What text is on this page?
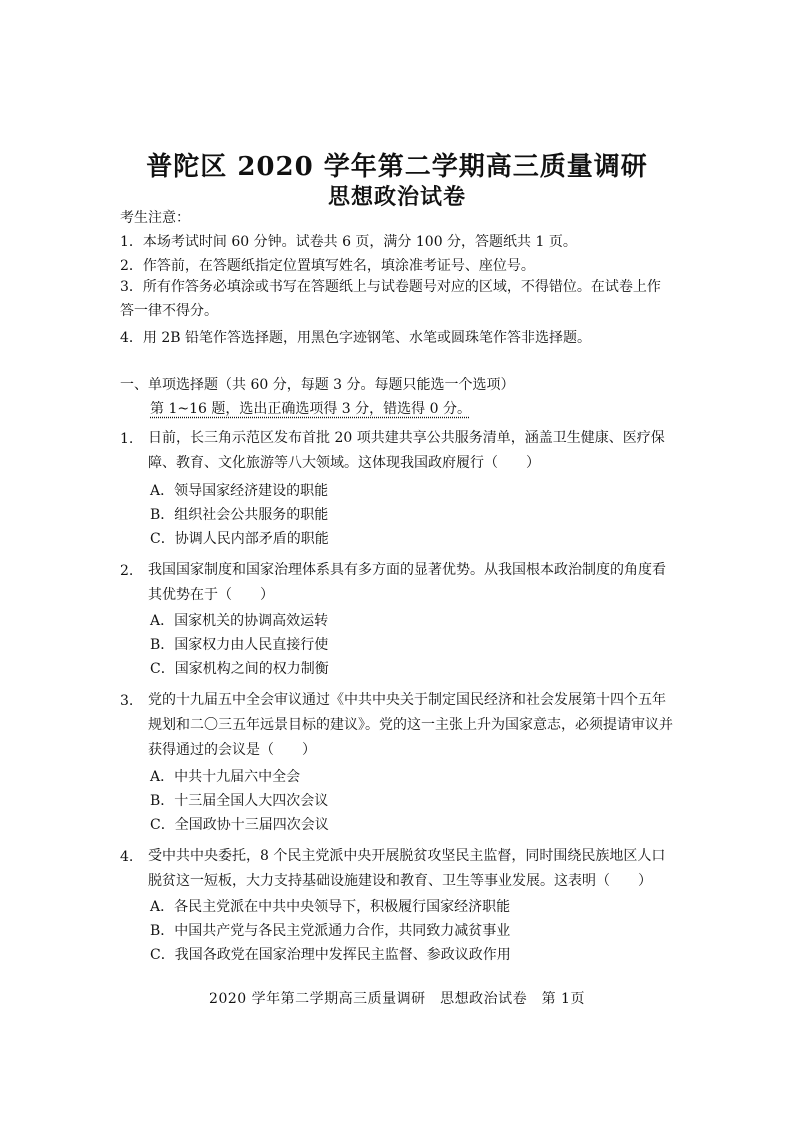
普陀区 2020 学年第二学期高三质量调研
思想政治试卷
考生注意：
1．本场考试时间 60 分钟。试卷共 6 页，满分 100 分，答题纸共 1 页。
2．作答前，在答题纸指定位置填写姓名，填涂准考证号、座位号。
3．所有作答务必填涂或书写在答题纸上与试卷题号对应的区域，不得错位。在试卷上作答一律不得分。
4．用 2B 铅笔作答选择题，用黑色字迹钢笔、水笔或圆珠笔作答非选择题。
一、单项选择题（共 60 分，每题 3 分。每题只能选一个选项）
第 1~16 题，选出正确选项得 3 分，错选得 0 分。
1. 日前，长三角示范区发布首批 20 项共建共享公共服务清单，涵盖卫生健康、医疗保障、教育、文化旅游等八大领域。这体现我国政府履行（　　）
A．领导国家经济建设的职能
B．组织社会公共服务的职能
C．协调人民内部矛盾的职能
2. 我国国家制度和国家治理体系具有多方面的显著优势。从我国根本政治制度的角度看其优势在于（　　）
A．国家机关的协调高效运转
B．国家权力由人民直接行使
C．国家机构之间的权力制衡
3. 党的十九届五中全会审议通过《中共中央关于制定国民经济和社会发展第十四个五年规划和二〇三五年远景目标的建议》。党的这一主张上升为国家意志，必须提请审议并获得通过的会议是（　　）
A．中共十九届六中全会
B．十三届全国人大四次会议
C．全国政协十三届四次会议
4. 受中共中央委托，8 个民主党派中央开展脱贫攻坚民主监督，同时围绕民族地区人口脱贫这一短板，大力支持基础设施建设和教育、卫生等事业发展。这表明（　　）
A．各民主党派在中共中央领导下，积极履行国家经济职能
B．中国共产党与各民主党派通力合作，共同致力减贫事业
C．我国各政党在国家治理中发挥民主监督、参政议政作用
2020 学年第二学期高三质量调研　思想政治试卷　第 1页
